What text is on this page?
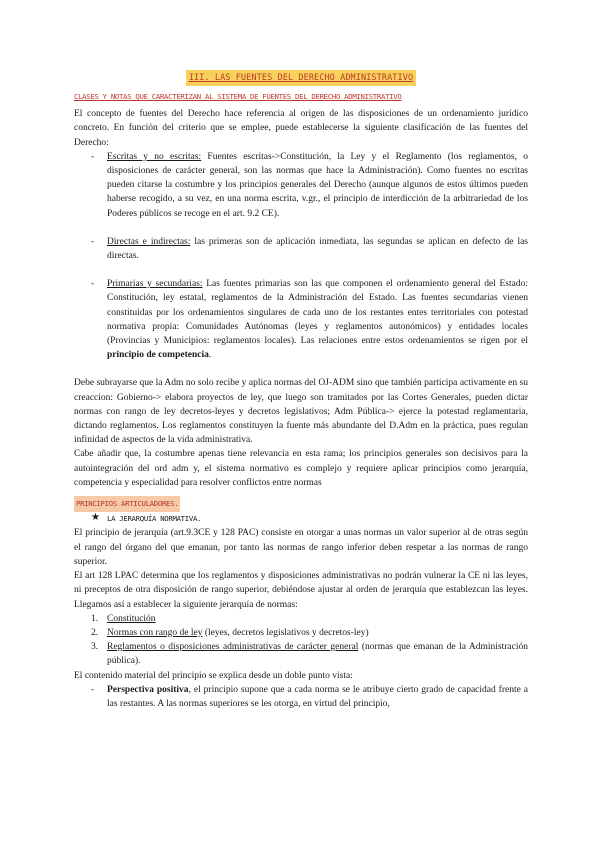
III. LAS FUENTES DEL DERECHO ADMINISTRATIVO
CLASES Y NOTAS QUE CARACTERIZAN AL SISTEMA DE FUENTES DEL DERECHO ADMINISTRATIVO

El concepto de fuentes del Derecho hace referencia al origen de las disposiciones de un ordenamiento jurídico concreto. En función del criterio que se emplee, puede establecerse la siguiente clasificación de las fuentes del Derecho:

- Escritas y no escritas: Fuentes escritas->Constitución, la Ley y el Reglamento (los reglamentos, o disposiciones de carácter general, son las normas que hace la Administración). Como fuentes no escritas pueden citarse la costumbre y los principios generales del Derecho (aunque algunos de estos últimos pueden haberse recogido, a su vez, en una norma escrita, v.gr., el principio de interdicción de la arbitrariedad de los Poderes públicos se recoge en el art. 9.2 CE).
- Directas e indirectas: las primeras son de aplicación inmediata, las segundas se aplican en defecto de las directas.
- Primarias y secundarias: Las fuentes primarias son las que componen el ordenamiento general del Estado: Constitución, ley estatal, reglamentos de la Administración del Estado. Las fuentes secundarias vienen constituidas por los ordenamientos singulares de cada uno de los restantes entes territoriales con potestad normativa propia: Comunidades Autónomas (leyes y reglamentos autonómicos) y entidades locales (Provincias y Municipios: reglamentos locales). Las relaciones entre estos ordenamientos se rigen por el principio de competencia.

Debe subrayarse que la Adm no solo recibe y aplica normas del OJ-ADM sino que también participa activamente en su creaccion: Gobierno-> elabora proyectos de ley, que luego son tramitados por las Cortes Generales, pueden dictar normas con rango de ley decretos-leyes y decretos legislativos; Adm Pública-> ejerce la potestad reglamentaria, dictando reglamentos. Los reglamentos constituyen la fuente más abundante del D.Adm en la práctica, pues regulan infinidad de aspectos de la vida administrativa.

Cabe añadir que, la costumbre apenas tiene relevancia en esta rama; los principios generales son decisivos para la autointegración del ord adm y, el sistema normativo es complejo y requiere aplicar principios como jerarquía, competencia y especialidad para resolver conflictos entre normas

PRINCIPIOS ARTICULADORES.
★ LA JERARQUÍA NORMATIVA.

El principio de jerarquía (art.9.3CE y 128 PAC) consiste en otorgar a unas normas un valor superior al de otras según el rango del órgano del que emanan, por tanto las normas de rango inferior deben respetar a las normas de rango superior.

El art 128 LPAC determina que los reglamentos y disposiciones administrativas no podrán vulnerar la CE ni las leyes, ni preceptos de otra disposición de rango superior, debiéndose ajustar al orden de jerarquía que establezcan las leyes. Llegamos así a establecer la siguiente jerarquía de normas:

1. Constitución
2. Normas con rango de ley (leyes, decretos legislativos y decretos-ley)
3. Reglamentos o disposiciones administrativas de carácter general (normas que emanan de la Administración pública).

El contenido material del principio se explica desde un doble punto vista:

- Perspectiva positiva, el principio supone que a cada norma se le atribuye cierto grado de capacidad frente a las restantes. A las normas superiores se les otorga, en virtud del principio,
